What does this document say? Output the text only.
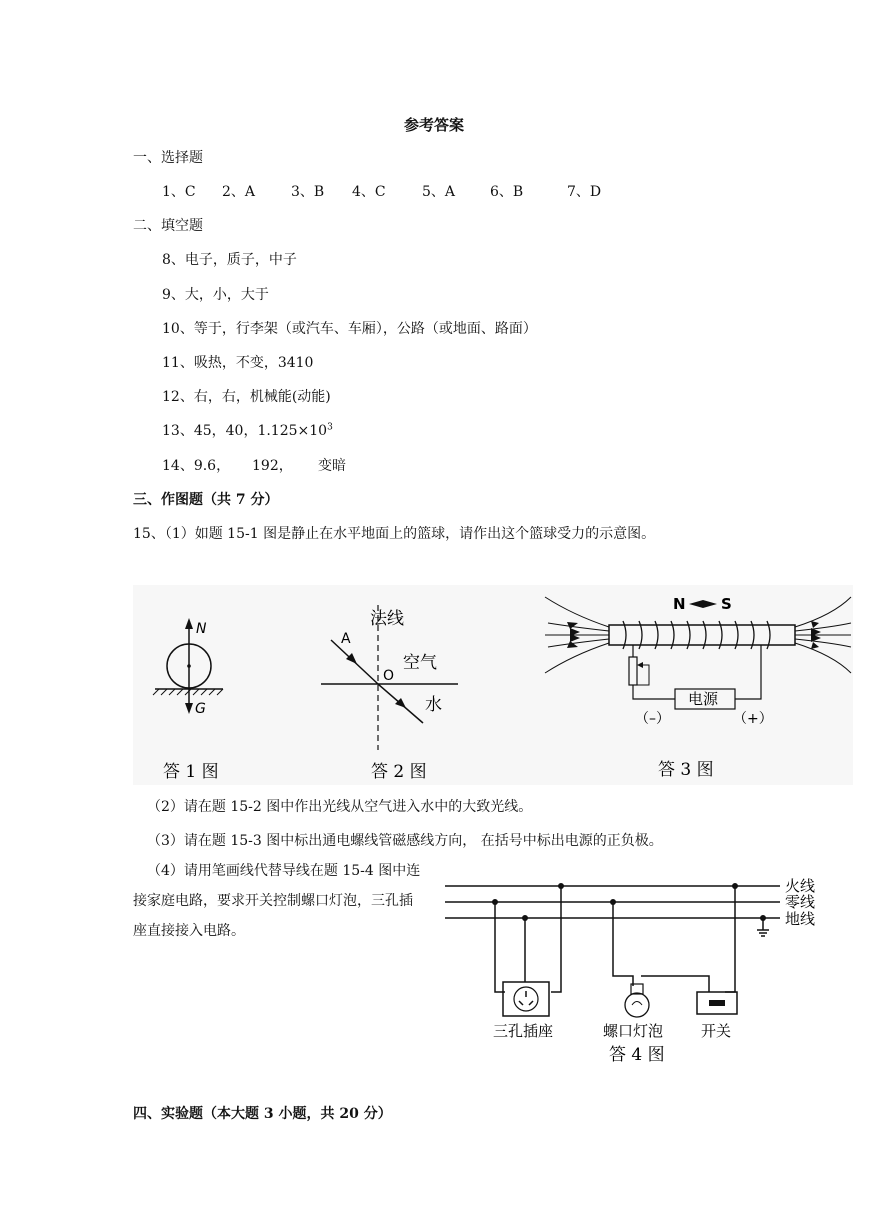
参考答案
一、选择题
1、C 2、A	3、B 4、C	5、A 6、B	7、D
二、填空题
8、电子，质子，中子
9、大，小，大于
10、等于，行李架（或汽车、车厢），公路（或地面、路面）
11、吸热，不变，3410
12、右，右，机械能(动能)
13、45，40，$1.125\times 10^3$
14、9.6， 192， 变暗
三、作图题（共 7 分）
15、（1）如题 15-1 图是静止在水平地面上的篮球，请作出这个篮球受力的示意图。
N
G
答 1 图
法线
A
O
空气
水
答 2 图
N S
电源
（–）	（+）
答 3 图
（2）请在题 15-2 图中作出光线从空气进入水中的大致光线。
（3）请在题 15-3 图中标出通电螺线管磁感线方向， 在括号中标出电源的正负极。
（4）请用笔画线代替导线在题 15-4 图中连接家庭电路，要求开关控制螺口灯泡，三孔插座直接接入电路。
火线
零线
地线
三孔插座	螺口灯泡	开关
答 4 图
四、实验题（本大题 3 小题，共 20 分）
